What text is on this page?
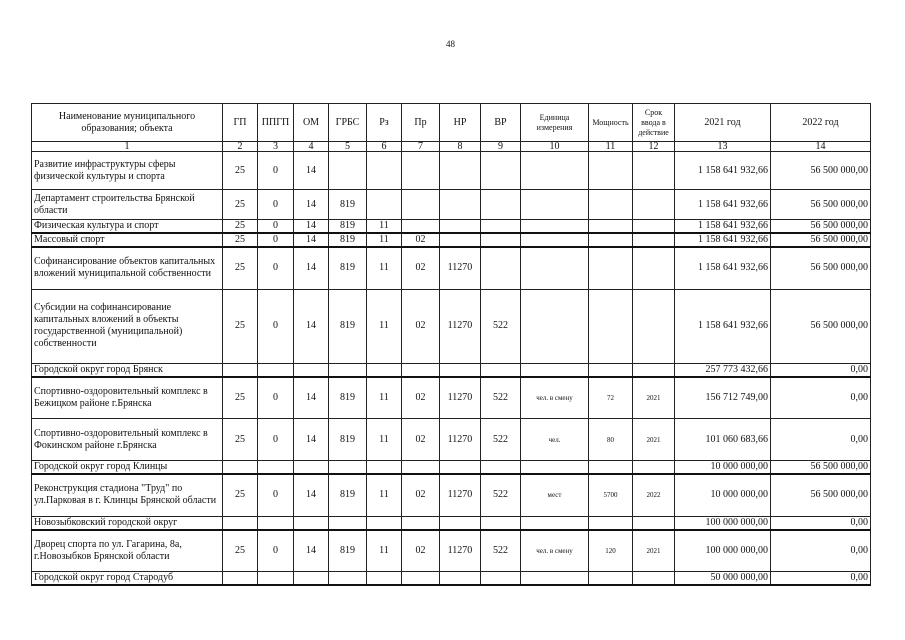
48
Наименование муниципального образования; объекта	ГП	ППГП	ОМ	ГРБС	Рз	Пр	НР	ВР	Единица измерения	Мощность	Срок ввода в действие	2021 год	2022 год
1	2	3	4	5	6	7	8	9	10	11	12	13	14
Развитие инфраструктуры сферы физической культуры и спорта	25	0	14									1 158 641 932,66	56 500 000,00
Департамент строительства Брянской области	25	0	14	819								1 158 641 932,66	56 500 000,00
Физическая культура и спорт	25	0	14	819	11							1 158 641 932,66	56 500 000,00
Массовый спорт	25	0	14	819	11	02						1 158 641 932,66	56 500 000,00
Софинансирование объектов капитальных вложений муниципальной собственности	25	0	14	819	11	02	11270					1 158 641 932,66	56 500 000,00
Субсидии на софинансирование капитальных вложений в объекты государственной (муниципальной) собственности	25	0	14	819	11	02	11270	522				1 158 641 932,66	56 500 000,00
Городской округ город Брянск												257 773 432,66	0,00
Спортивно-оздоровительный комплекс в Бежицком районе г.Брянска	25	0	14	819	11	02	11270	522	чел. в смену	72	2021	156 712 749,00	0,00
Спортивно-оздоровительный комплекс в Фокинском районе г.Брянска	25	0	14	819	11	02	11270	522	чел.	80	2021	101 060 683,66	0,00
Городской округ город Клинцы												10 000 000,00	56 500 000,00
Реконструкция стадиона "Труд" по ул.Парковая в г. Клинцы Брянской области	25	0	14	819	11	02	11270	522	мест	5700	2022	10 000 000,00	56 500 000,00
Новозыбковский городской округ												100 000 000,00	0,00
Дворец спорта по ул. Гагарина, 8а, г.Новозыбков Брянской области	25	0	14	819	11	02	11270	522	чел. в смену	120	2021	100 000 000,00	0,00
Городской округ город Стародуб												50 000 000,00	0,00
